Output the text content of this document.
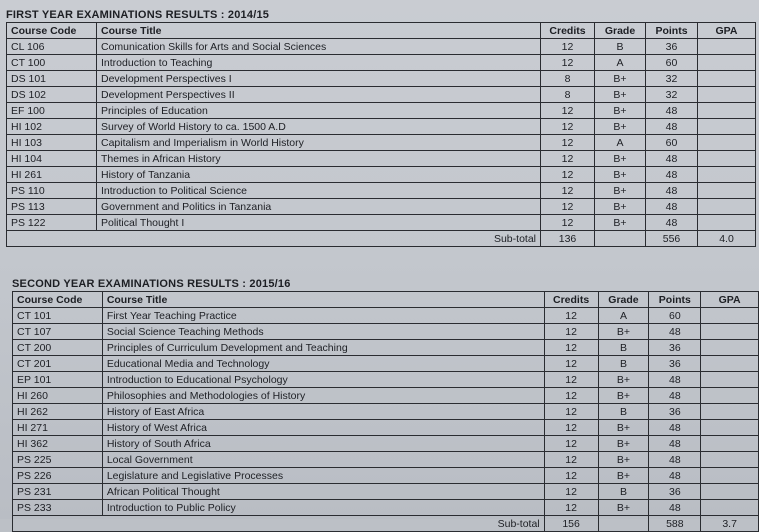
FIRST YEAR EXAMINATIONS RESULTS : 2014/15
Course Code	Course Title	Credits	Grade	Points	GPA
CL 106	Comunication Skills for Arts and Social Sciences	12	B	36	
CT 100	Introduction to Teaching	12	A	60	
DS 101	Development Perspectives I	8	B+	32	
DS 102	Development Perspectives II	8	B+	32	
EF 100	Principles of Education	12	B+	48	
HI 102	Survey of World History to ca. 1500 A.D	12	B+	48	
HI 103	Capitalism and Imperialism in World History	12	A	60	
HI 104	Themes in African History	12	B+	48	
HI 261	History of Tanzania	12	B+	48	
PS 110	Introduction to Political Science	12	B+	48	
PS 113	Government and Politics in Tanzania	12	B+	48	
PS 122	Political Thought I	12	B+	48	
	Sub-total	136		556	4.0
SECOND YEAR EXAMINATIONS RESULTS : 2015/16
Course Code	Course Title	Credits	Grade	Points	GPA
CT 101	First Year Teaching Practice	12	A	60	
CT 107	Social Science Teaching Methods	12	B+	48	
CT 200	Principles of Curriculum Development and Teaching	12	B	36	
CT 201	Educational Media and Technology	12	B	36	
EP 101	Introduction to Educational Psychology	12	B+	48	
HI 260	Philosophies and Methodologies of History	12	B+	48	
HI 262	History of East Africa	12	B	36	
HI 271	History of West Africa	12	B+	48	
HI 362	History of South Africa	12	B+	48	
PS 225	Local Government	12	B+	48	
PS 226	Legislature and Legislative Processes	12	B+	48	
PS 231	African Political Thought	12	B	36	
PS 233	Introduction to Public Policy	12	B+	48	
	Sub-total	156		588	3.7
